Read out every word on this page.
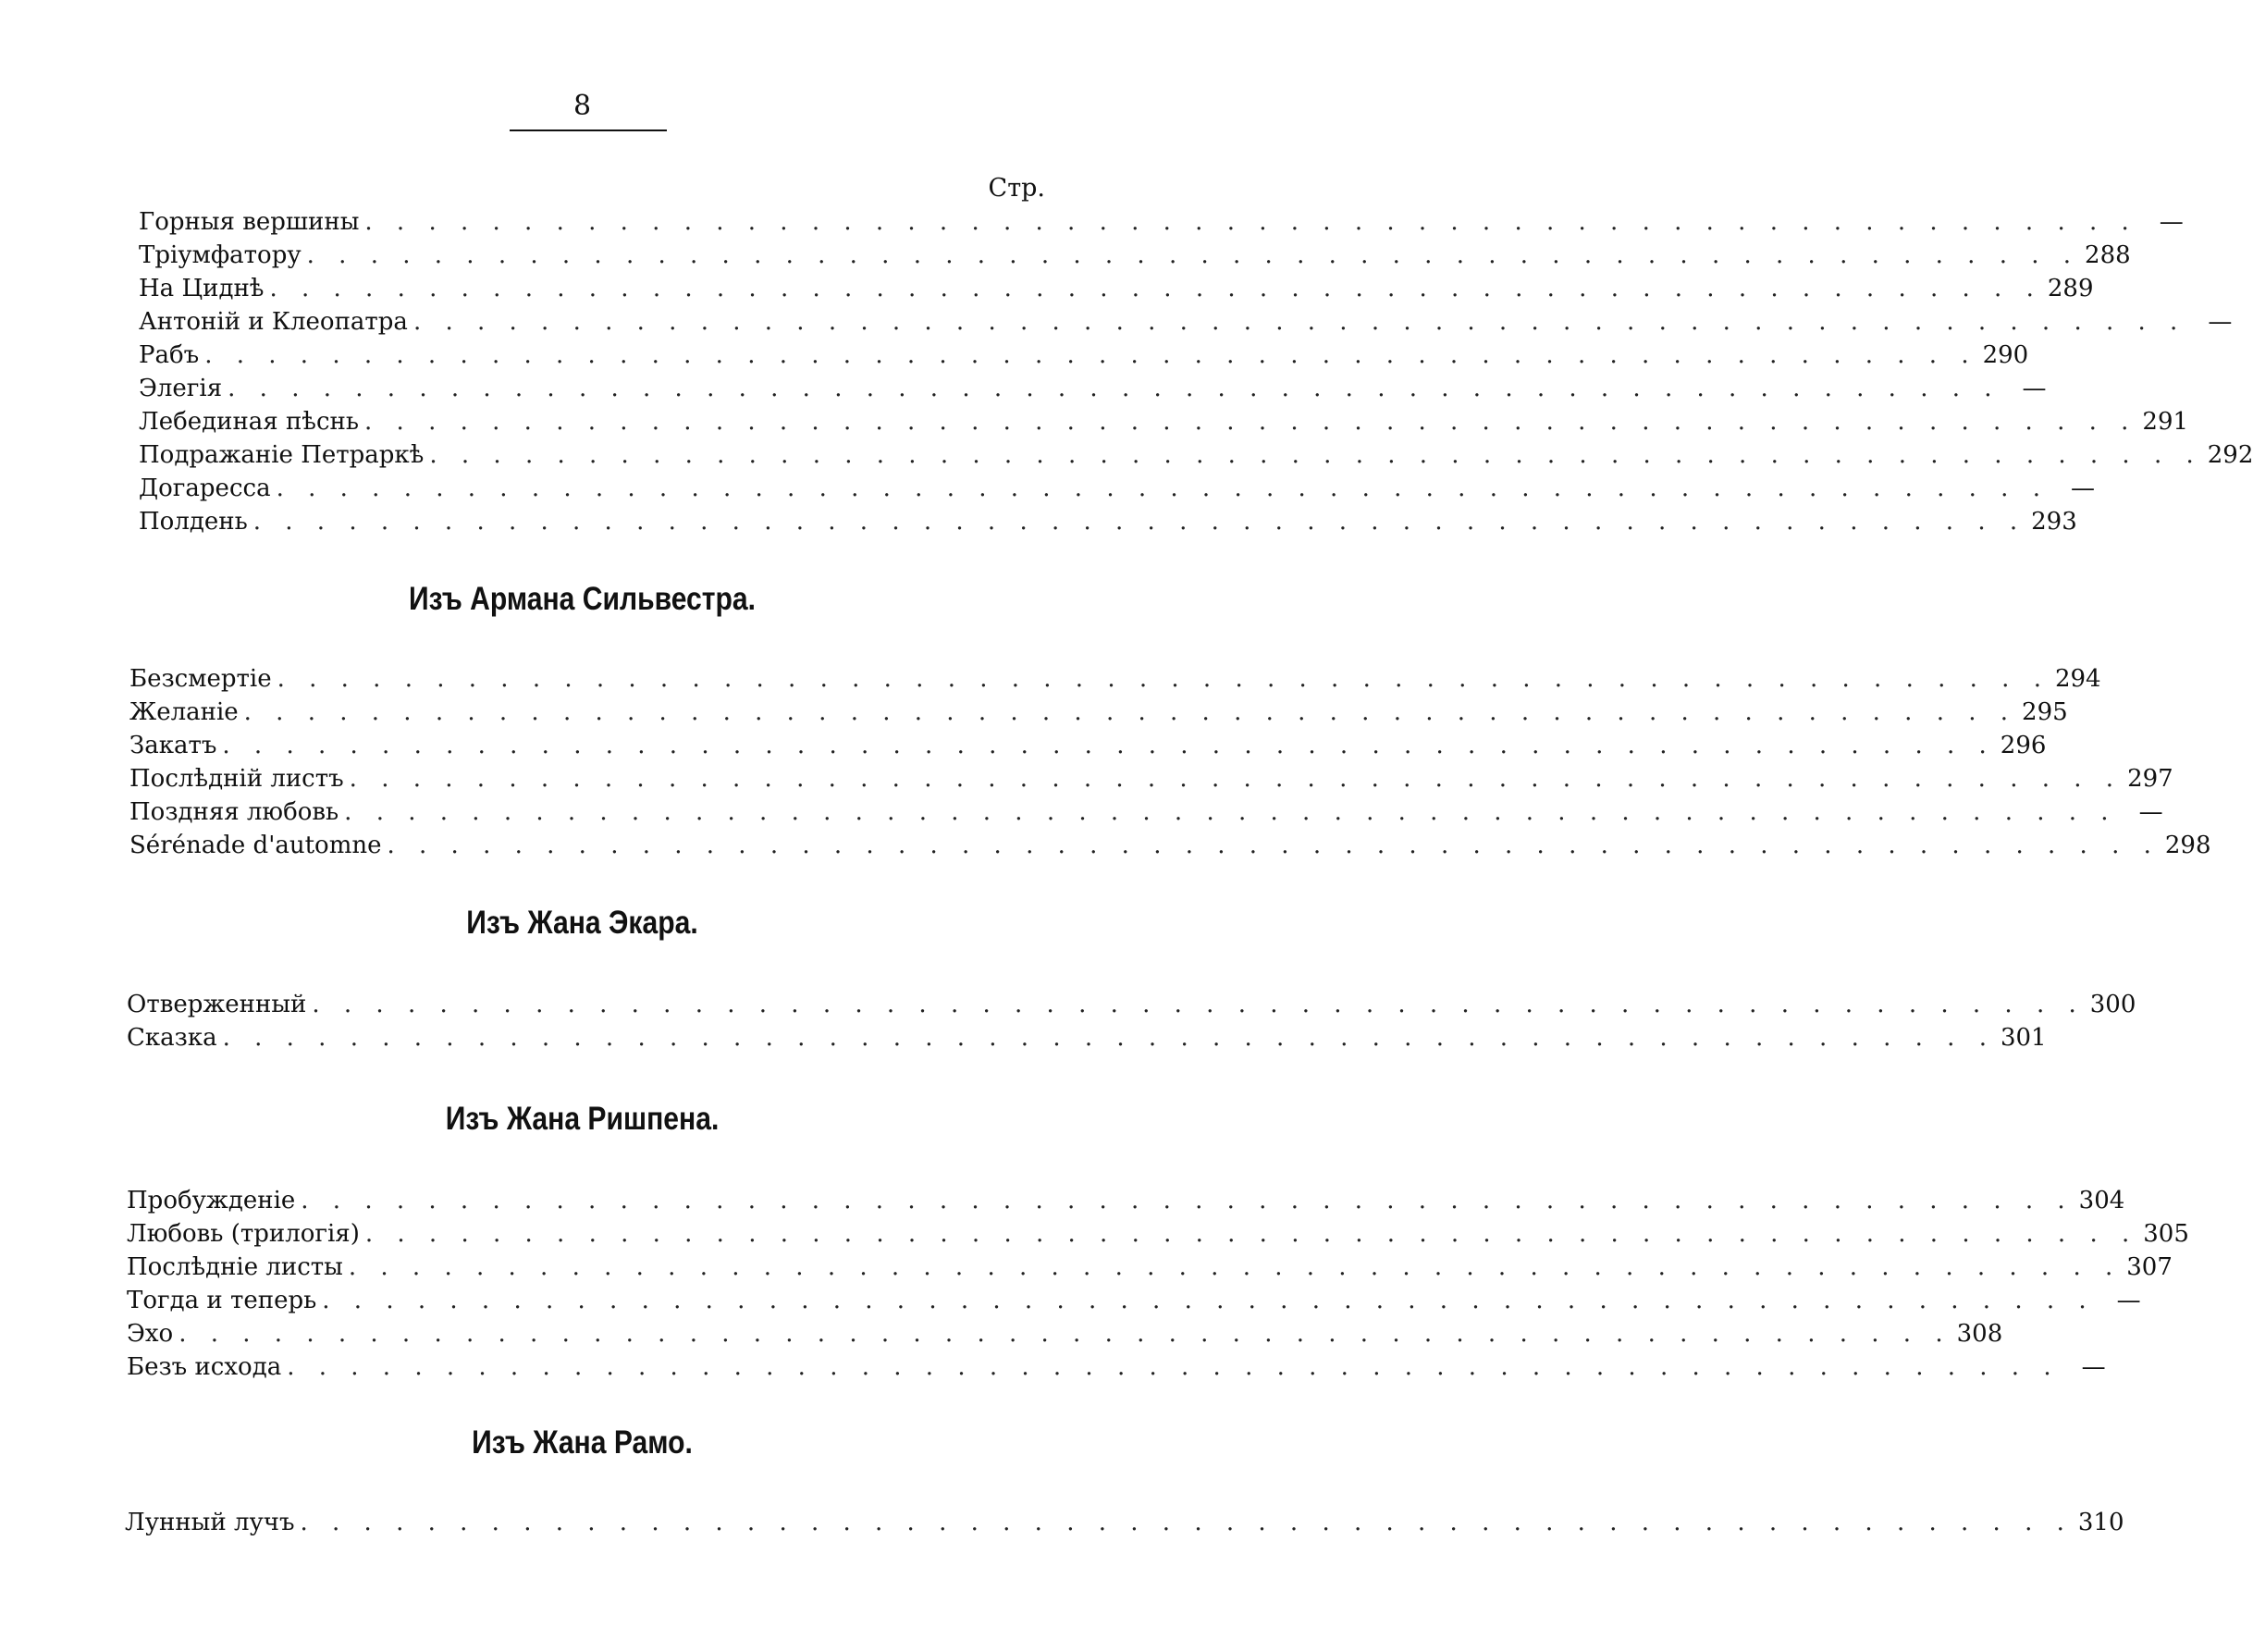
8
Стр.
Горныя вершины . . . . . . . . . . . . . . . . . . . . . . . . . . . . . . . . . . . . . . . . . . . . . . . . . . . . . . . . —
Тріумфатору . . . . . . . . . . . . . . . . . . . . . . . . . . . . . . . . . . . . . . . . . . . . . . . . . . . . . . . . 288
На Циднѣ . . . . . . . . . . . . . . . . . . . . . . . . . . . . . . . . . . . . . . . . . . . . . . . . . . . . . . . . 289
Антоній и Клеопатра . . . . . . . . . . . . . . . . . . . . . . . . . . . . . . . . . . . . . . . . . . . . . . . . . . . . . . . . —
Рабъ . . . . . . . . . . . . . . . . . . . . . . . . . . . . . . . . . . . . . . . . . . . . . . . . . . . . . . . . 290
Элегія . . . . . . . . . . . . . . . . . . . . . . . . . . . . . . . . . . . . . . . . . . . . . . . . . . . . . . . . —
Лебединая пѣснь . . . . . . . . . . . . . . . . . . . . . . . . . . . . . . . . . . . . . . . . . . . . . . . . . . . . . . . . 291
Подражаніе Петраркѣ . . . . . . . . . . . . . . . . . . . . . . . . . . . . . . . . . . . . . . . . . . . . . . . . . . . . . . . . 292
Догаресса . . . . . . . . . . . . . . . . . . . . . . . . . . . . . . . . . . . . . . . . . . . . . . . . . . . . . . . . —
Полдень . . . . . . . . . . . . . . . . . . . . . . . . . . . . . . . . . . . . . . . . . . . . . . . . . . . . . . . . 293
Изъ Армана Сильвестра.
Безсмертіе . . . . . . . . . . . . . . . . . . . . . . . . . . . . . . . . . . . . . . . . . . . . . . . . . . . . . . . . 294
Желаніе . . . . . . . . . . . . . . . . . . . . . . . . . . . . . . . . . . . . . . . . . . . . . . . . . . . . . . . . 295
Закатъ . . . . . . . . . . . . . . . . . . . . . . . . . . . . . . . . . . . . . . . . . . . . . . . . . . . . . . . . 296
Послѣдній листъ . . . . . . . . . . . . . . . . . . . . . . . . . . . . . . . . . . . . . . . . . . . . . . . . . . . . . . . . 297
Поздняя любовь . . . . . . . . . . . . . . . . . . . . . . . . . . . . . . . . . . . . . . . . . . . . . . . . . . . . . . . . —
Sérénade d'automne . . . . . . . . . . . . . . . . . . . . . . . . . . . . . . . . . . . . . . . . . . . . . . . . . . . . . . . . 298
Изъ Жана Экара.
Отверженный . . . . . . . . . . . . . . . . . . . . . . . . . . . . . . . . . . . . . . . . . . . . . . . . . . . . . . . . 300
Сказка . . . . . . . . . . . . . . . . . . . . . . . . . . . . . . . . . . . . . . . . . . . . . . . . . . . . . . . . 301
Изъ Жана Ришпена.
Пробужденіе . . . . . . . . . . . . . . . . . . . . . . . . . . . . . . . . . . . . . . . . . . . . . . . . . . . . . . . . 304
Любовь (трилогія) . . . . . . . . . . . . . . . . . . . . . . . . . . . . . . . . . . . . . . . . . . . . . . . . . . . . . . . . 305
Послѣдніе листы . . . . . . . . . . . . . . . . . . . . . . . . . . . . . . . . . . . . . . . . . . . . . . . . . . . . . . . . 307
Тогда и теперь . . . . . . . . . . . . . . . . . . . . . . . . . . . . . . . . . . . . . . . . . . . . . . . . . . . . . . . . —
Эхо . . . . . . . . . . . . . . . . . . . . . . . . . . . . . . . . . . . . . . . . . . . . . . . . . . . . . . . . 308
Безъ исхода . . . . . . . . . . . . . . . . . . . . . . . . . . . . . . . . . . . . . . . . . . . . . . . . . . . . . . . . —
Изъ Жана Рамо.
Лунный лучъ . . . . . . . . . . . . . . . . . . . . . . . . . . . . . . . . . . . . . . . . . . . . . . . . . . . . . . . . 310
